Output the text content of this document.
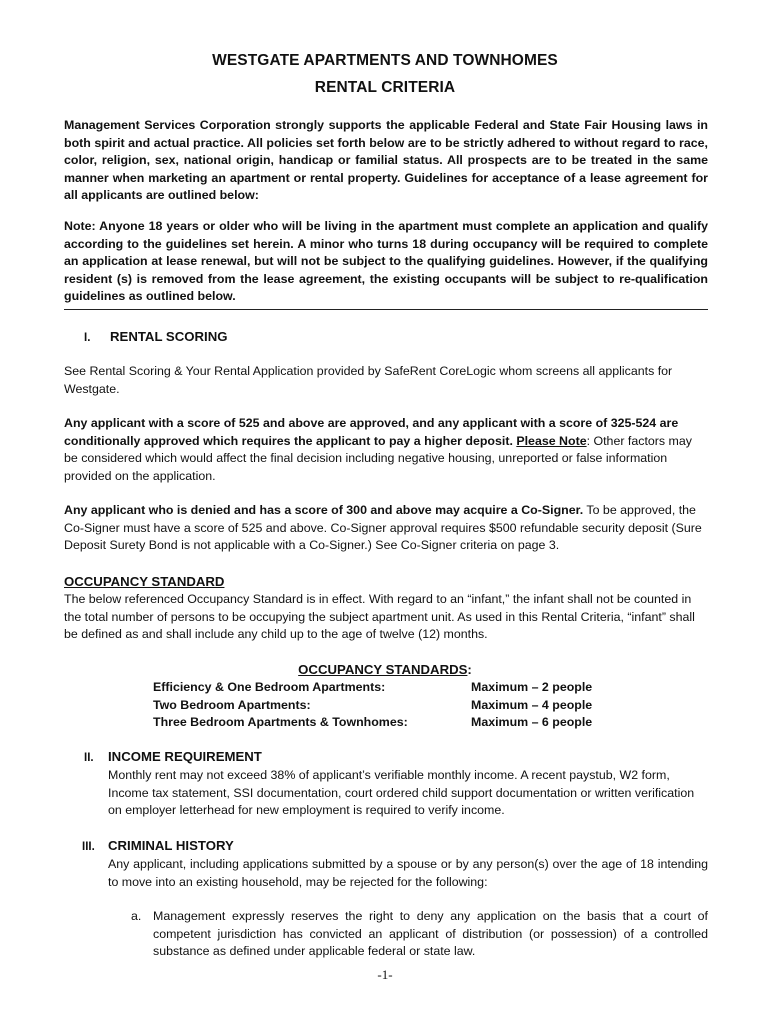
WESTGATE APARTMENTS AND TOWNHOMES
RENTAL CRITERIA
Management Services Corporation strongly supports the applicable Federal and State Fair Housing laws in both spirit and actual practice. All policies set forth below are to be strictly adhered to without regard to race, color, religion, sex, national origin, handicap or familial status. All prospects are to be treated in the same manner when marketing an apartment or rental property. Guidelines for acceptance of a lease agreement for all applicants are outlined below:
Note: Anyone 18 years or older who will be living in the apartment must complete an application and qualify according to the guidelines set herein. A minor who turns 18 during occupancy will be required to complete an application at lease renewal, but will not be subject to the qualifying guidelines. However, if the qualifying resident (s) is removed from the lease agreement, the existing occupants will be subject to re-qualification guidelines as outlined below.
I. RENTAL SCORING
See Rental Scoring & Your Rental Application provided by SafeRent CoreLogic whom screens all applicants for Westgate.
Any applicant with a score of 525 and above are approved, and any applicant with a score of 325-524 are conditionally approved which requires the applicant to pay a higher deposit. Please Note: Other factors may be considered which would affect the final decision including negative housing, unreported or false information provided on the application.
Any applicant who is denied and has a score of 300 and above may acquire a Co-Signer. To be approved, the Co-Signer must have a score of 525 and above. Co-Signer approval requires $500 refundable security deposit (Sure Deposit Surety Bond is not applicable with a Co-Signer.) See Co-Signer criteria on page 3.
OCCUPANCY STANDARD
The below referenced Occupancy Standard is in effect. With regard to an “infant,” the infant shall not be counted in the total number of persons to be occupying the subject apartment unit. As used in this Rental Criteria, “infant” shall be defined as and shall include any child up to the age of twelve (12) months.
OCCUPANCY STANDARDS:
Efficiency & One Bedroom Apartments:	Maximum – 2 people
Two Bedroom Apartments:	Maximum – 4 people
Three Bedroom Apartments & Townhomes:	Maximum – 6 people
II. INCOME REQUIREMENT
Monthly rent may not exceed 38% of applicant’s verifiable monthly income. A recent paystub, W2 form, Income tax statement, SSI documentation, court ordered child support documentation or written verification on employer letterhead for new employment is required to verify income.
III. CRIMINAL HISTORY
Any applicant, including applications submitted by a spouse or by any person(s) over the age of 18 intending to move into an existing household, may be rejected for the following:
a. Management expressly reserves the right to deny any application on the basis that a court of competent jurisdiction has convicted an applicant of distribution (or possession) of a controlled substance as defined under applicable federal or state law.
-1-
